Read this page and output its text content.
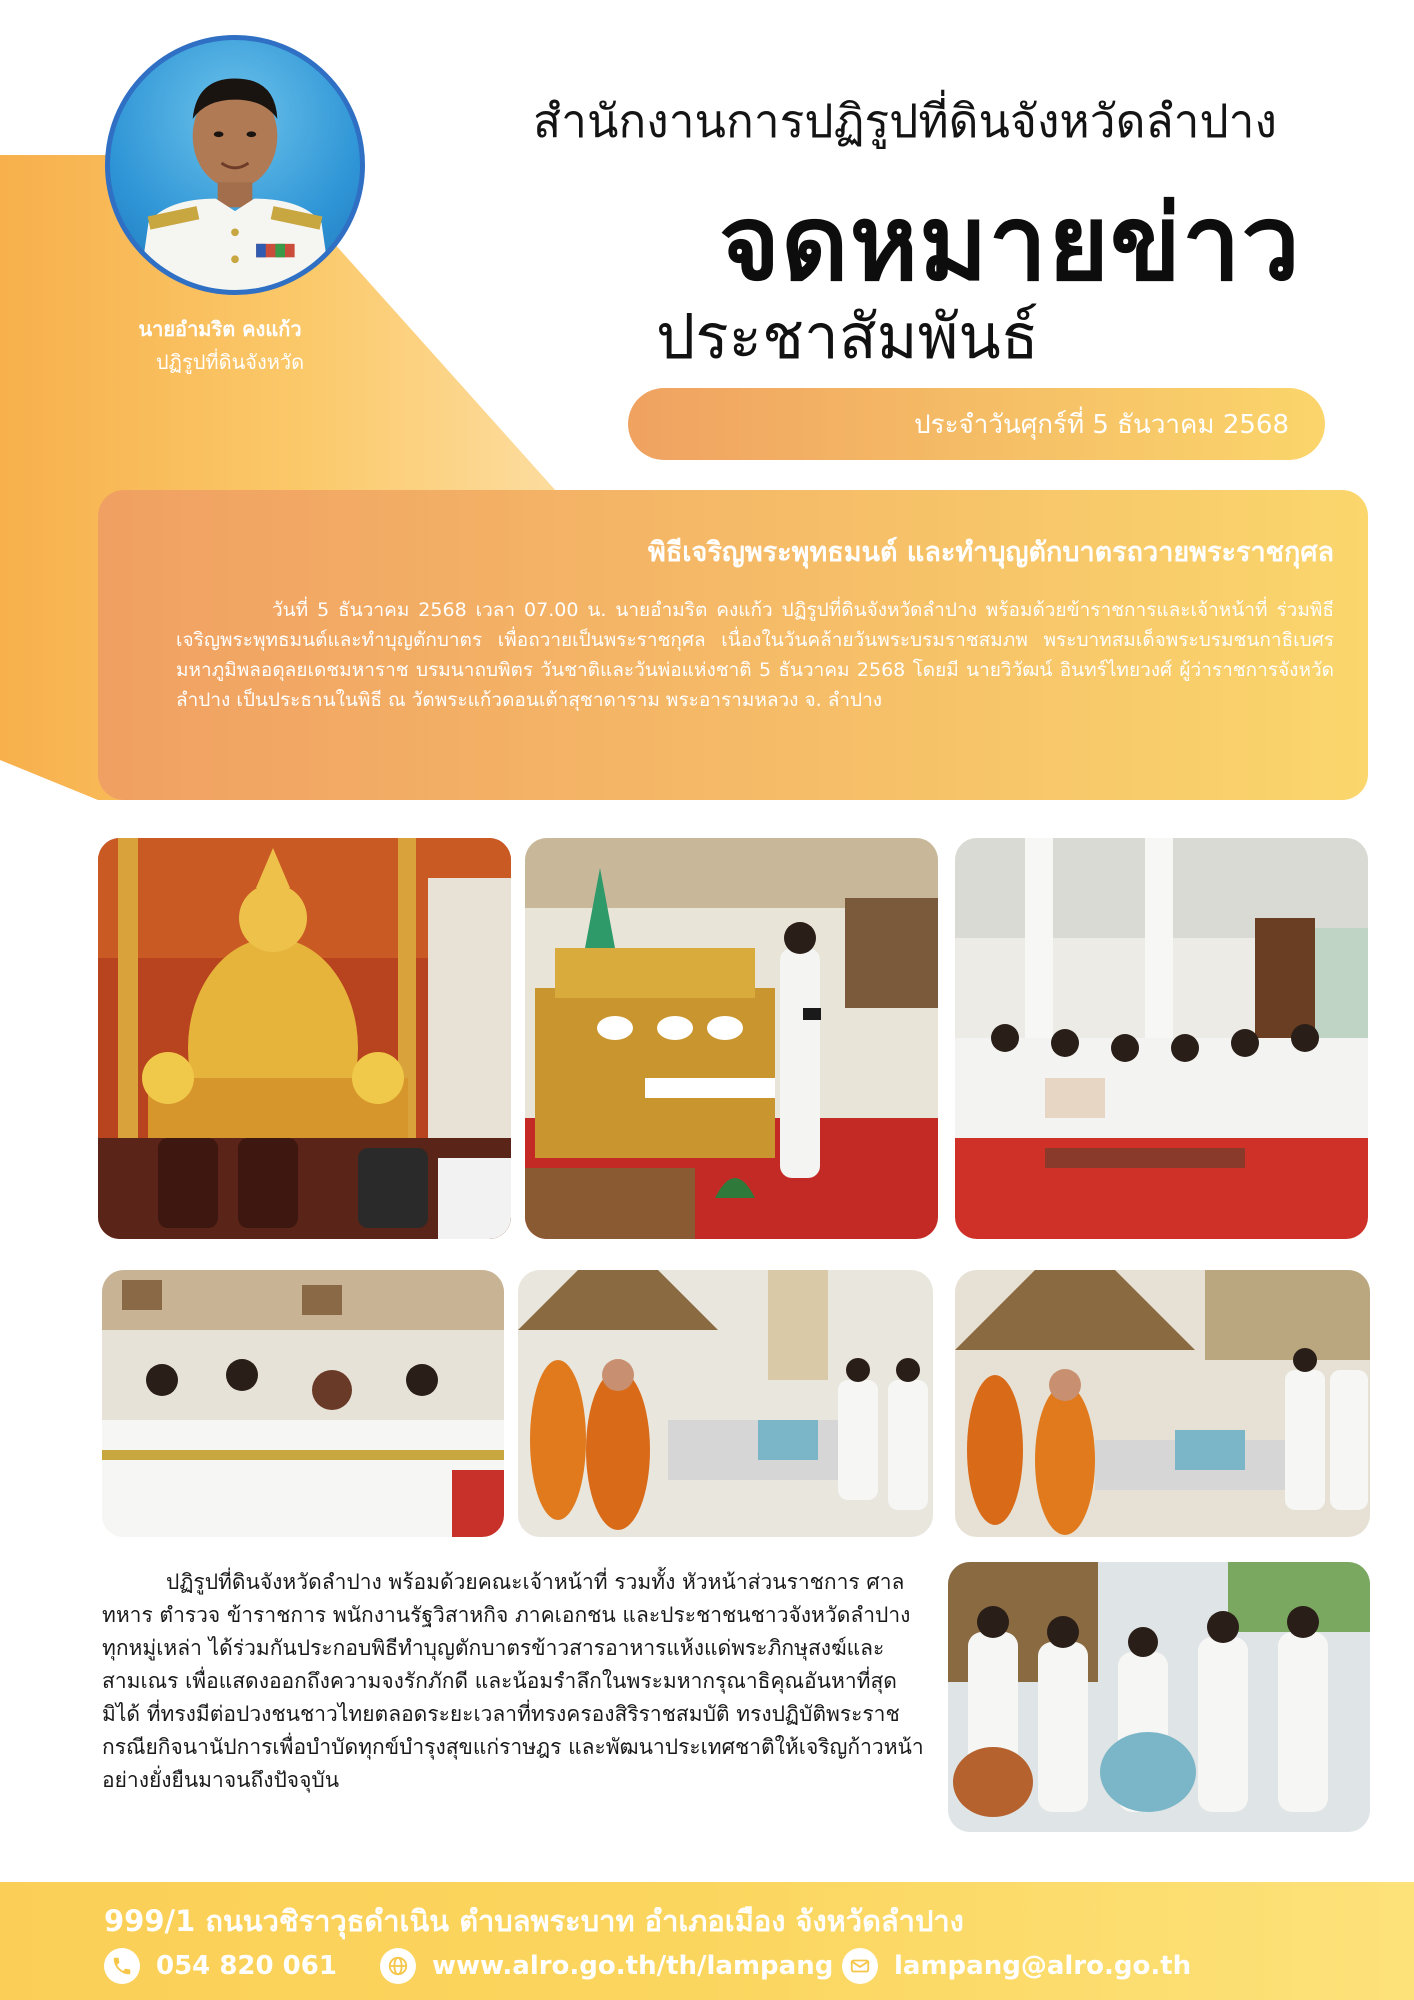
นายอำมริต คงแก้ว
ปฏิรูปที่ดินจังหวัด
สำนักงานการปฏิรูปที่ดินจังหวัดลำปาง
จดหมายข่าว
ประชาสัมพันธ์
ประจำวันศุกร์ที่ 5 ธันวาคม 2568

พิธีเจริญพระพุทธมนต์ และทำบุญตักบาตรถวายพระราชกุศล

วันที่ 5 ธันวาคม 2568 เวลา 07.00 น. นายอำมริต คงแก้ว ปฏิรูปที่ดินจังหวัดลำปาง พร้อมด้วยข้าราชการและเจ้าหน้าที่ ร่วมพิธีเจริญพระพุทธมนต์และทำบุญตักบาตร เพื่อถวายเป็นพระราชกุศล เนื่องในวันคล้ายวันพระบรมราชสมภพ พระบาทสมเด็จพระบรมชนกาธิเบศร มหาภูมิพลอดุลยเดชมหาราช บรมนาถบพิตร วันชาติและวันพ่อแห่งชาติ 5 ธันวาคม 2568 โดยมี นายวิวัฒน์ อินทร์ไทยวงศ์ ผู้ว่าราชการจังหวัดลำปาง เป็นประธานในพิธี ณ วัดพระแก้วดอนเต้าสุชาดาราม พระอารามหลวง จ. ลำปาง

ปฏิรูปที่ดินจังหวัดลำปาง พร้อมด้วยคณะเจ้าหน้าที่ รวมทั้ง หัวหน้าส่วนราชการ ศาล ทหาร ตำรวจ ข้าราชการ พนักงานรัฐวิสาหกิจ ภาคเอกชน และประชาชนชาวจังหวัดลำปางทุกหมู่เหล่า ได้ร่วมกันประกอบพิธีทำบุญตักบาตรข้าวสารอาหารแห้งแด่พระภิกษุสงฆ์และสามเณร เพื่อแสดงออกถึงความจงรักภักดี และน้อมรำลึกในพระมหากรุณาธิคุณอันหาที่สุดมิได้ ที่ทรงมีต่อปวงชนชาวไทยตลอดระยะเวลาที่ทรงครองสิริราชสมบัติ ทรงปฏิบัติพระราชกรณียกิจนานัปการเพื่อบำบัดทุกข์บำรุงสุขแก่ราษฎร และพัฒนาประเทศชาติให้เจริญก้าวหน้าอย่างยั่งยืนมาจนถึงปัจจุบัน

999/1 ถนนวชิราวุธดำเนิน ตำบลพระบาท อำเภอเมือง จังหวัดลำปาง
054 820 061	www.alro.go.th/th/lampang lampang@alro.go.th
